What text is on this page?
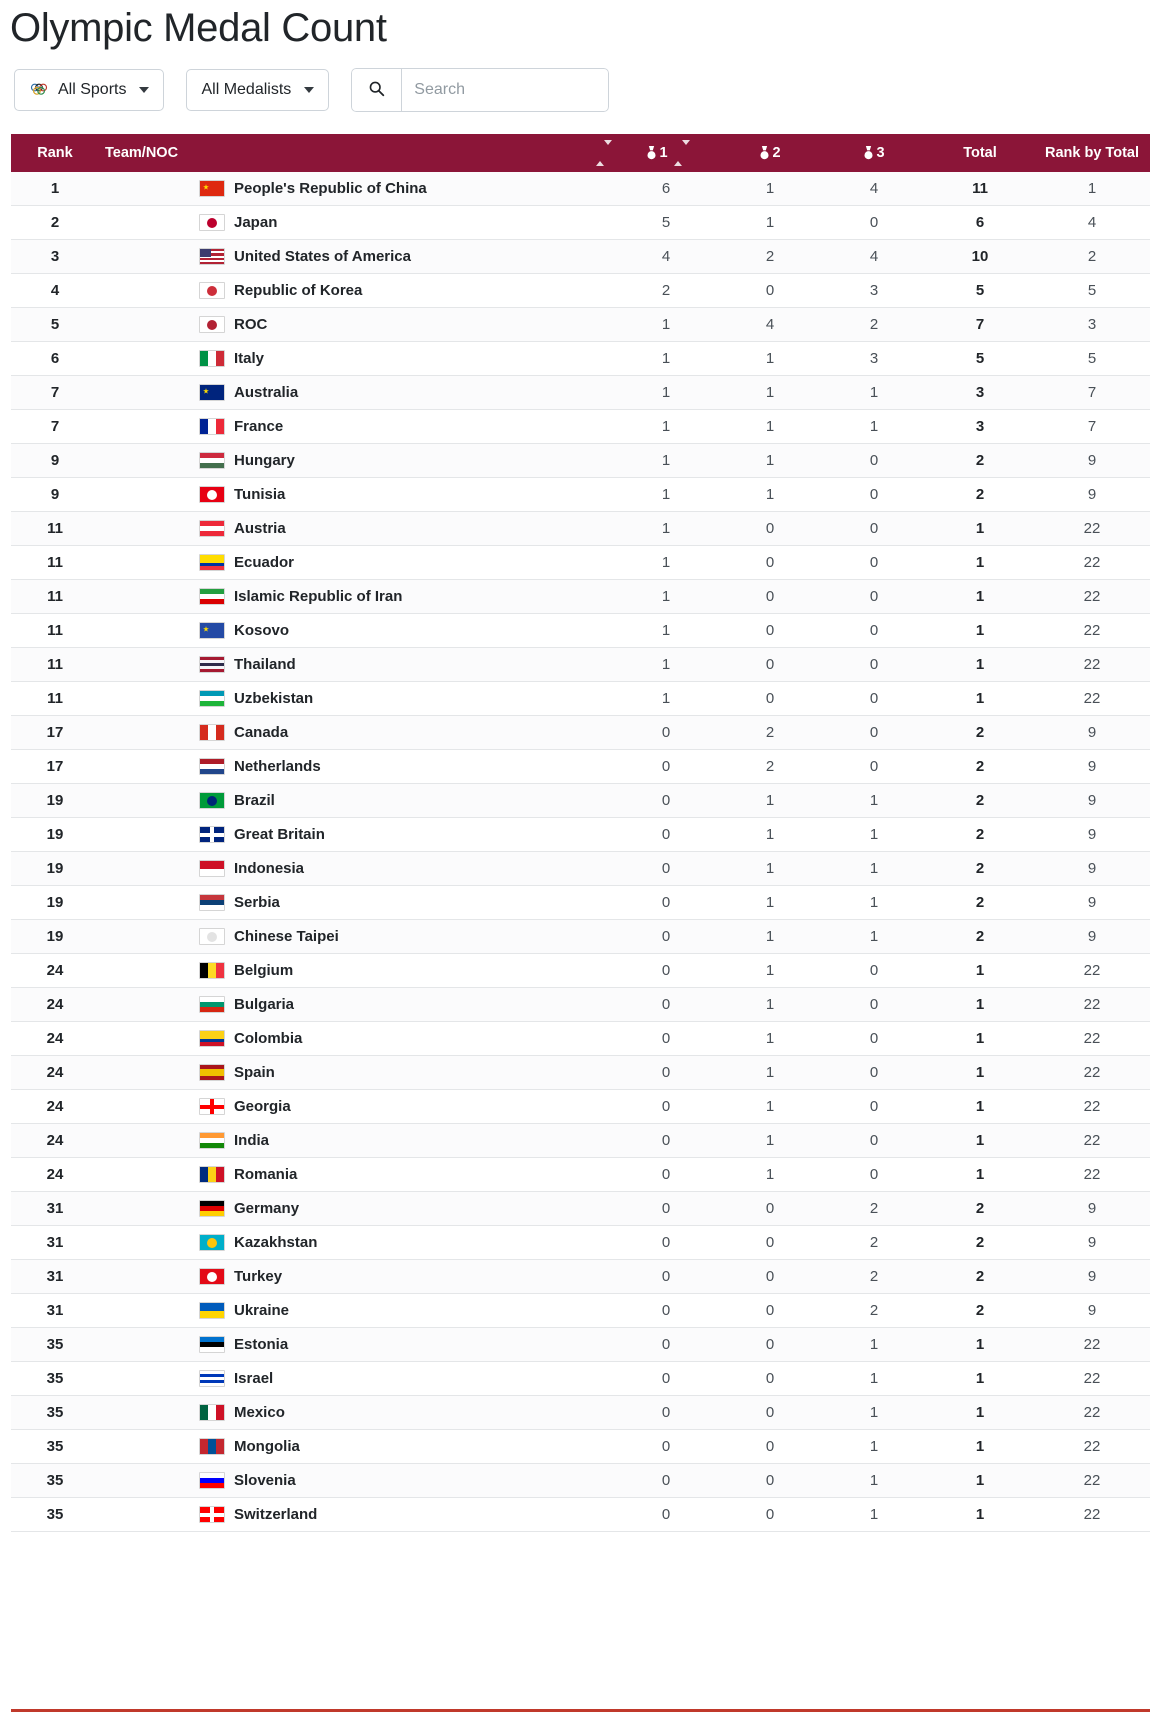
Olympic Medal Count
All Sports	All Medalists
Search
Rank	Team/NOC	1	2	3	Total	Rank by Total

1	People's Republic of China	6	1	4	11	1
2	Japan	5	1	0	6	4
3	United States of America	4	2	4	10	2
4	Republic of Korea	2	0	3	5	5
5	ROC	1	4	2	7	3
6	Italy	1	1	3	5	5
7	Australia	1	1	1	3	7
7	France	1	1	1	3	7
9	Hungary	1	1	0	2	9
9	Tunisia	1	1	0	2	9
11	Austria	1	0	0	1	22
11	Ecuador	1	0	0	1	22
11	Islamic Republic of Iran	1	0	0	1	22
11	Kosovo	1	0	0	1	22
11	Thailand	1	0	0	1	22
11	Uzbekistan	1	0	0	1	22
17	Canada	0	2	0	2	9
17	Netherlands	0	2	0	2	9
19	Brazil	0	1	1	2	9
19	Great Britain	0	1	1	2	9
19	Indonesia	0	1	1	2	9
19	Serbia	0	1	1	2	9
19	Chinese Taipei	0	1	1	2	9
24	Belgium	0	1	0	1	22
24	Bulgaria	0	1	0	1	22
24	Colombia	0	1	0	1	22
24	Spain	0	1	0	1	22
24	Georgia	0	1	0	1	22
24	India	0	1	0	1	22
24	Romania	0	1	0	1	22
31	Germany	0	0	2	2	9
31	Kazakhstan	0	0	2	2	9
31	Turkey	0	0	2	2	9
31	Ukraine	0	0	2	2	9
35	Estonia	0	0	1	1	22
35	Israel	0	0	1	1	22
35	Mexico	0	0	1	1	22
35	Mongolia	0	0	1	1	22
35	Slovenia	0	0	1	1	22
35	Switzerland	0	0	1	1	22
